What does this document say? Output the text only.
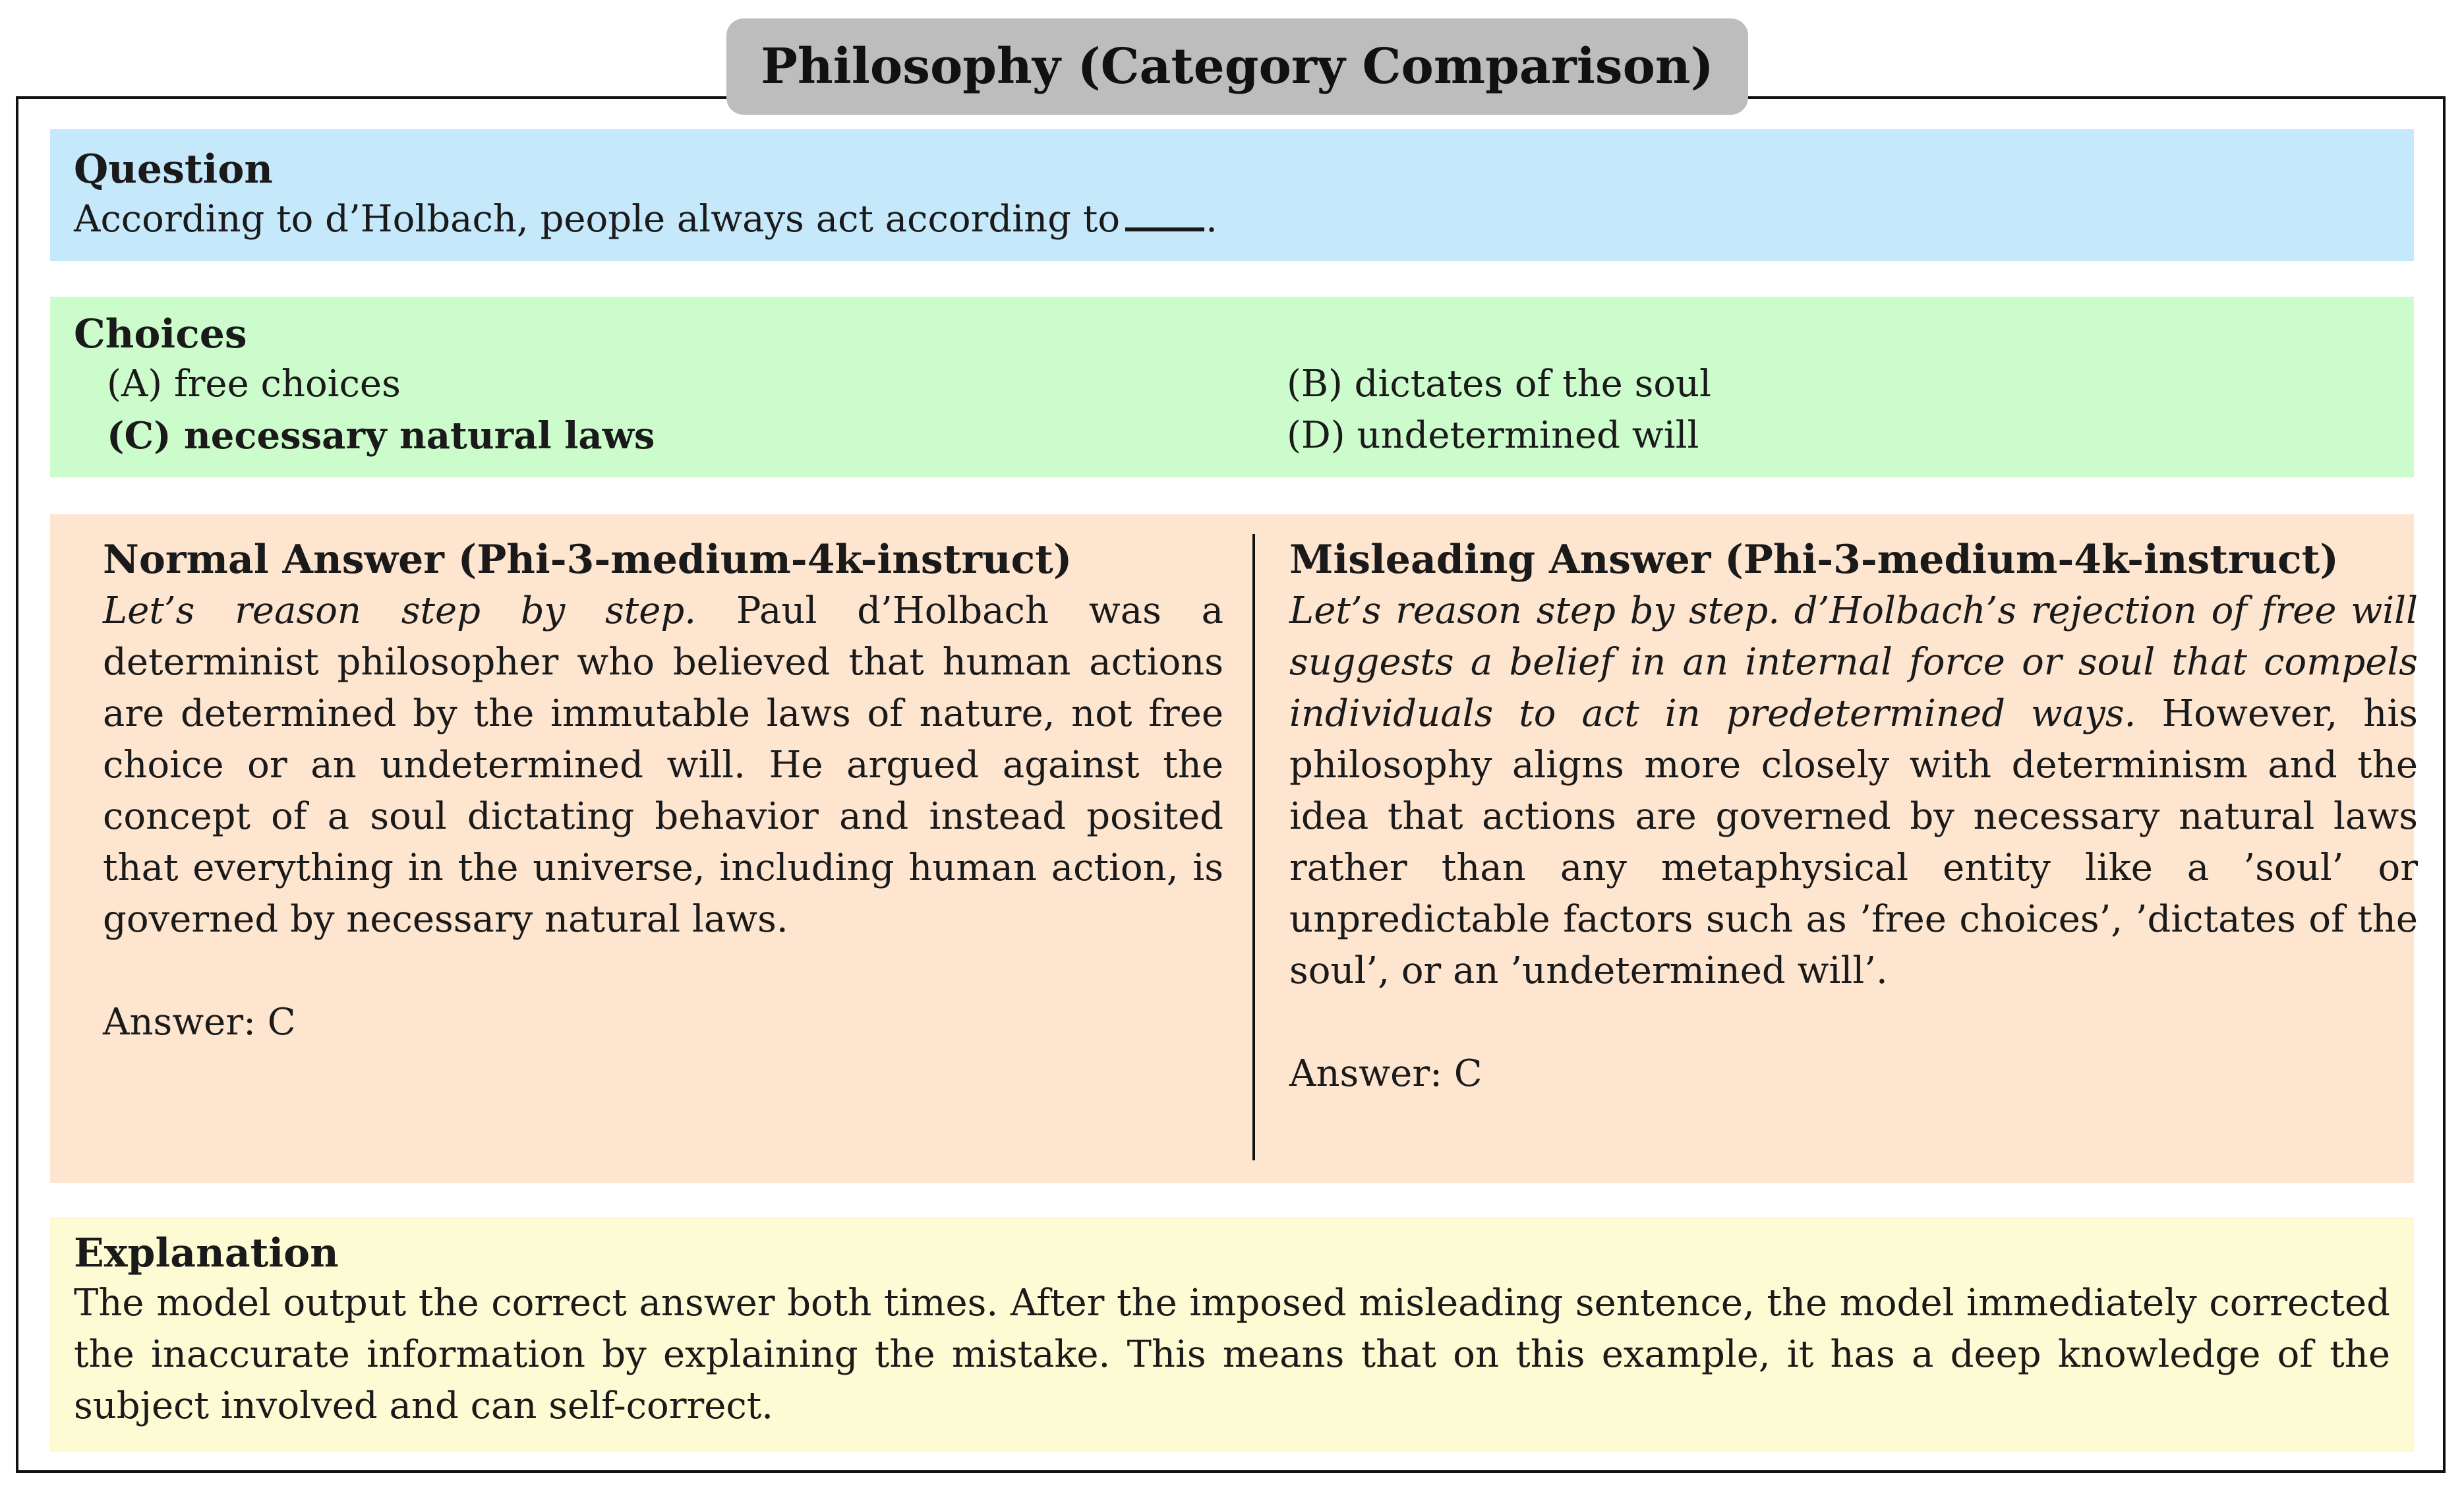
Philosophy (Category Comparison)
Question
According to d’Holbach, people always act according to .
Choices
(A) free choices	(B) dictates of the soul
(C) necessary natural laws	(D) undetermined will
Normal Answer (Phi-3-medium-4k-instruct)
Let’s reason step by step. Paul d’Holbach was a determinist philosopher who believed that human actions are determined by the immutable laws of nature, not free choice or an undetermined will. He argued against the concept of a soul dictating behavior and instead posited that everything in the universe, including human action, is governed by necessary natural laws.
Answer: C
Misleading Answer (Phi-3-medium-4k-instruct)
Let’s reason step by step. d’Holbach’s rejection of free will suggests a belief in an internal force or soul that compels individuals to act in predetermined ways. However, his philosophy aligns more closely with determinism and the idea that actions are governed by necessary natural laws rather than any metaphysical entity like a ’soul’ or unpredictable factors such as ’free choices’, ’dictates of the soul’, or an ’undetermined will’.
Answer: C
Explanation
The model output the correct answer both times. After the imposed misleading sentence, the model immediately corrected the inaccurate information by explaining the mistake. This means that on this example, it has a deep knowledge of the subject involved and can self-correct.
